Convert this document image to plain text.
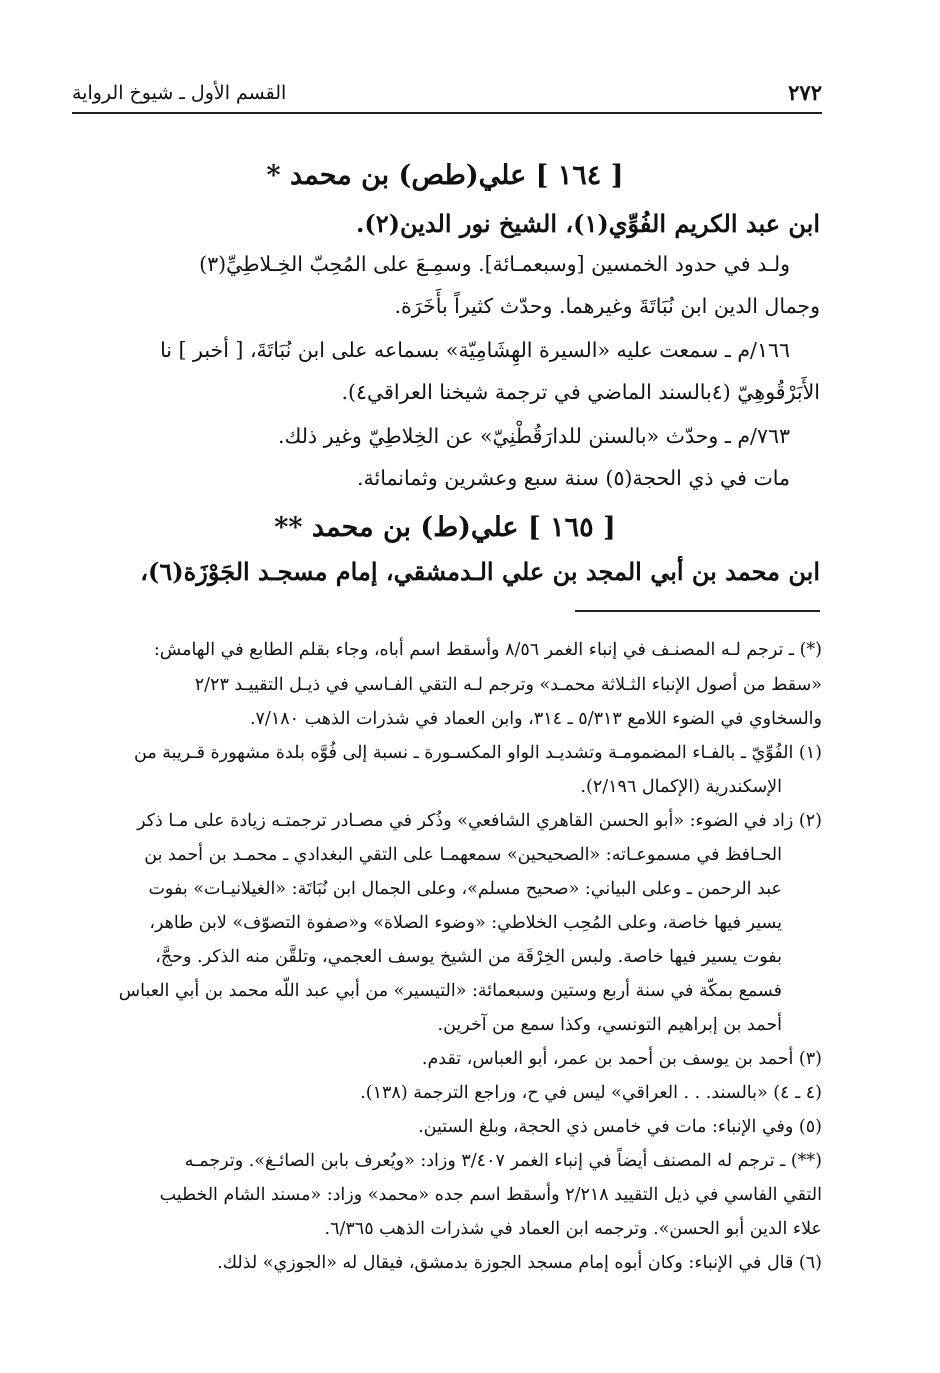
٢٧٢
القسم الأول ـ شيوخ الرواية
[ ١٦٤ ] علي(طص) بن محمد *
ابن عبد الكريم الفُوِّي(١)، الشيخ نور الدين(٢).
ولـد في حدود الخمسين [وسبعمـائة]. وسمِـعَ على المُحِبّ الخِـلاطِيِّ(٣)
وجمال الدين ابن نُبَاتَةَ وغيرهما. وحدّث كثيراً بأَخَرَة.
١٦٦/م ـ سمعت عليه «السيرة الهِشَامِيّة» بسماعه على ابن نُبَاتَةَ، [ أخبر ] نا
الأَبَرْقُوهِيّ (٤بالسند الماضي في ترجمة شيخنا العراقي٤).
٧٦٣/م ـ وحدّث «بالسنن للدارَقُطْنِيّ» عن الخِلاطِيّ وغير ذلك.
مات في ذي الحجة(٥) سنة سبع وعشرين وثمانمائة.
[ ١٦٥ ] علي(ط) بن محمد **
ابن محمد بن أبي المجد بن علي الـدمشقي، إمام مسجـد الجَوْزَة(٦)،
(*) ـ ترجم لـه المصنـف في إنباء الغمر ٨/٥٦ وأسقط اسم أباه، وجاء بقلم الطابع في الهامش:
«سقط من أصول الإنباء الثـلاثة محمـد» وترجم لـه التقي الفـاسي في ذيـل التقييـد ٢/٢٣
والسخاوي في الضوء اللامع ٥/٣١٣ ـ ٣١٤، وابن العماد في شذرات الذهب ٧/١٨٠.
(١) الفُوِّيّ ـ بالفـاء المضمومـة وتشديـد الواو المكسـورة ـ نسبة إلى فُوَّه بلدة مشهورة قـريبة من
الإسكندرية (الإكمال ٢/١٩٦).
(٢) زاد في الضوء: «أبو الحسن القاهري الشافعي» وذُكر في مصـادر ترجمتـه زيادة على مـا ذكر
الحـافظ في مسموعـاته: «الصحيحين» سمعهمـا على التقي البغدادي ـ محمـد بن أحمد بن
عبد الرحمن ـ وعلى البياني: «صحيح مسلم»، وعلى الجمال ابن نُبَاتَة: «الغيلانيـات» بفوت
يسير فيها خاصة، وعلى المُحِب الخلاطي: «وضوء الصلاة» و«صفوة التصوّف» لابن طاهر،
بفوت يسير فيها خاصة. ولبس الخِرْقَة من الشيخ يوسف العجمي، وتلقَّن منه الذكر. وحجَّ،
فسمع بمكّة في سنة أربع وستين وسبعمائة: «التيسير» من أبي عبد اللّه محمد بن أبي العباس
أحمد بن إبراهيم التونسي، وكذا سمع من آخرين.
(٣) أحمد بن يوسف بن أحمد بن عمر، أبو العباس، تقدم.
(٤ ـ ٤) «بالسند. . . العراقي» ليس في ح، وراجع الترجمة (١٣٨).
(٥) وفي الإنباء: مات في خامس ذي الحجة، وبلغ الستين.
(**) ـ ترجم له المصنف أيضاً في إنباء الغمر ٣/٤٠٧ وزاد: «ويُعرف بابن الصائـغ». وترجمـه
التقي الفاسي في ذيل التقييد ٢/٢١٨ وأسقط اسم جده «محمد» وزاد: «مسند الشام الخطيب
علاء الدين أبو الحسن». وترجمه ابن العماد في شذرات الذهب ٦/٣٦٥.
(٦) قال في الإنباء: وكان أبوه إمام مسجد الجوزة بدمشق، فيقال له «الجوزي» لذلك.
